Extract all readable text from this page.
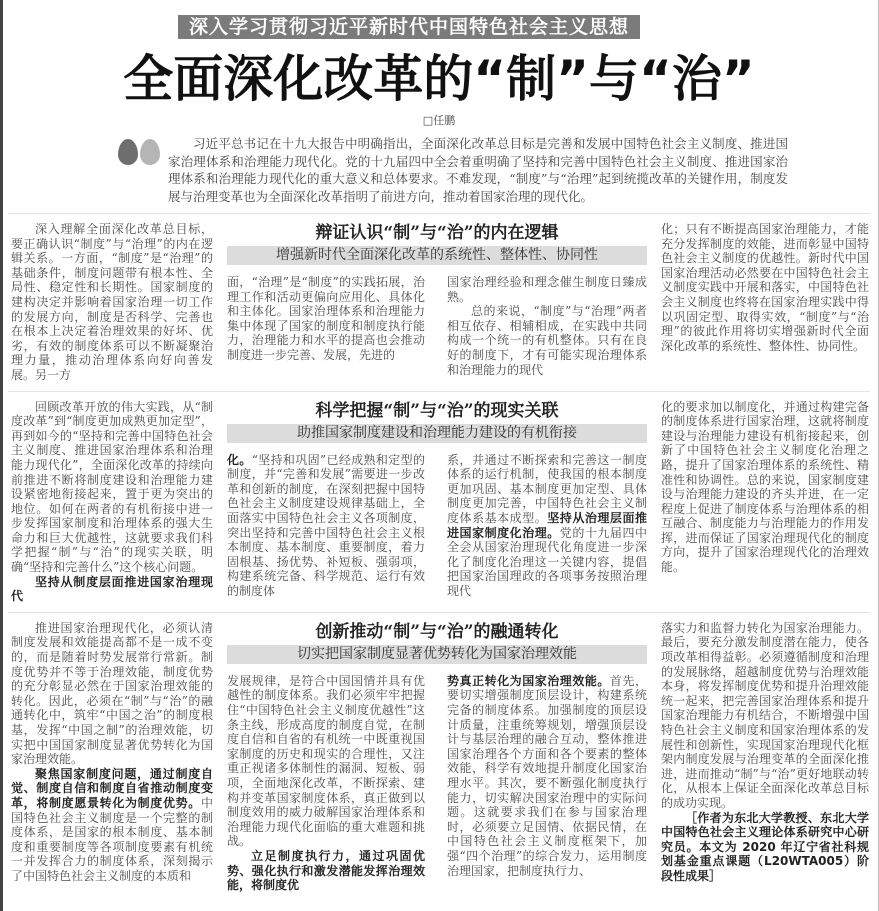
深入学习贯彻习近平新时代中国特色社会主义思想
全面深化改革的“制”与“治”
□任鹏
习近平总书记在十九大报告中明确指出，全面深化改革总目标是完善和发展中国特色社会主义制度、推进国家治理体系和治理能力现代化。党的十九届四中全会着重明确了坚持和完善中国特色社会主义制度、推进国家治理体系和治理能力现代化的重大意义和总体要求。不难发现，“制度”与“治理”起到统揽改革的关键作用，制度发展与治理变革也为全面深化改革指明了前进方向，推动着国家治理的现代化。

深入理解全面深化改革总目标，要正确认识“制度”与“治理”的内在逻辑关系。一方面，“制度”是“治理”的基础条件，制度问题带有根本性、全局性、稳定性和长期性。国家制度的建构决定并影响着国家治理一切工作的发展方向，制度是否科学、完善也在根本上决定着治理效果的好坏、优劣，有效的制度体系可以不断凝聚治理力量，推动治理体系向好向善发展。另一方

辩证认识“制”与“治”的内在逻辑
增强新时代全面深化改革的系统性、整体性、协同性

面，“治理”是“制度”的实践拓展，治理工作和活动更偏向应用化、具体化和主体化。国家治理体系和治理能力集中体现了国家的制度和制度执行能力，治理能力和水平的提高也会推动制度进一步完善、发展，先进的

国家治理经验和理念催生制度日臻成熟。

总的来说，“制度”与“治理”两者相互依存、相辅相成，在实践中共同构成一个统一的有机整体。只有在良好的制度下，才有可能实现治理体系和治理能力的现代

化；只有不断提高国家治理能力，才能充分发挥制度的效能，进而彰显中国特色社会主义制度的优越性。新时代中国国家治理活动必然要在中国特色社会主义制度实践中开展和落实，中国特色社会主义制度也终将在国家治理实践中得以巩固定型、取得实效，“制度”与“治理”的彼此作用将切实增强新时代全面深化改革的系统性、整体性、协同性。

回顾改革开放的伟大实践，从“制度改革”到“制度更加成熟更加定型”，再到如今的“坚持和完善中国特色社会主义制度、推进国家治理体系和治理能力现代化”，全面深化改革的持续向前推进不断将制度建设和治理能力建设紧密地衔接起来，置于更为突出的地位。如何在两者的有机衔接中进一步发挥国家制度和治理体系的强大生命力和巨大优越性，这就要求我们科学把握“制”与“治”的现实关联，明确“坚持和完善什么”这个核心问题。

坚持从制度层面推进国家治理现代

科学把握“制”与“治”的现实关联
助推国家制度建设和治理能力建设的有机衔接

化。“坚持和巩固”已经成熟和定型的制度，并“完善和发展”需要进一步改革和创新的制度，在深刻把握中国特色社会主义制度建设规律基础上，全面落实中国特色社会主义各项制度，突出坚持和完善中国特色社会主义根本制度、基本制度、重要制度，着力固根基、扬优势、补短板、强弱项，构建系统完备、科学规范、运行有效的制度体

系，并通过不断探索和完善这一制度体系的运行机制，使我国的根本制度更加巩固、基本制度更加定型、具体制度更加完善，中国特色社会主义制度体系基本成型。坚持从治理层面推进国家制度化治理。党的十九届四中全会从国家治理现代化角度进一步深化了制度化治理这一关键内容，提倡把国家治国理政的各项事务按照治理现代

化的要求加以制度化，并通过构建完备的制度体系进行国家治理，这就将制度建设与治理能力建设有机衔接起来，创新了中国特色社会主义制度化治理之路，提升了国家治理体系的系统性、精准性和协调性。总的来说，国家制度建设与治理能力建设的齐头并进，在一定程度上促进了制度体系与治理体系的相互融合、制度能力与治理能力的作用发挥，进而保证了国家治理现代化的制度方向，提升了国家治理现代化的治理效能。

推进国家治理现代化，必须认清制度发展和效能提高都不是一成不变的，而是随着时势发展常行常新。制度优势并不等于治理效能，制度优势的充分彰显必然在于国家治理效能的转化。因此，必须在“制”与“治”的融通转化中，筑牢“中国之治”的制度根基，发挥“中国之制”的治理效能，切实把中国国家制度显著优势转化为国家治理效能。

聚焦国家制度问题，通过制度自觉、制度自信和制度自省推动制度变革，将制度愿景转化为制度优势。中国特色社会主义制度是一个完整的制度体系，是国家的根本制度、基本制度和重要制度等各项制度要素有机统一并发挥合力的制度体系，深刻揭示了中国特色社会主义制度的本质和

创新推动“制”与“治”的融通转化
切实把国家制度显著优势转化为国家治理效能

发展规律，是符合中国国情并具有优越性的制度体系。我们必须牢牢把握住“中国特色社会主义制度优越性”这条主线，形成高度的制度自觉，在制度自信和自省的有机统一中既重视国家制度的历史和现实的合理性，又注重正视诸多体制性的漏洞、短板、弱项，全面地深化改革，不断探索、建构并变革国家制度体系，真正做到以制度效用的威力破解国家治理体系和治理能力现代化面临的重大难题和挑战。

立足制度执行力，通过巩固优势、强化执行和激发潜能发挥治理效能，将制度优

势真正转化为国家治理效能。首先，要切实增强制度顶层设计，构建系统完备的制度体系。加强制度的顶层设计质量，注重统筹规划，增强顶层设计与基层治理的融合互动，整体推进国家治理各个方面和各个要素的整体效能，科学有效地提升制度化国家治理水平。其次，要不断强化制度执行能力，切实解决国家治理中的实际问题。这就要求我们在参与国家治理时，必须要立足国情、依据民情，在中国特色社会主义制度框架下，加强“四个治理”的综合发力，运用制度治理国家，把制度执行力、

落实力和监督力转化为国家治理能力。最后，要充分激发制度潜在能力，使各项改革相得益彰。必须遵循制度和治理的发展脉络，超越制度优势与治理效能本身，将发挥制度优势和提升治理效能统一起来，把完善国家治理体系和提升国家治理能力有机结合，不断增强中国特色社会主义制度和国家治理体系的发展性和创新性，实现国家治理现代化框架内制度发展与治理变革的全面深化推进，进而推动“制”与“治”更好地联动转化，从根本上保证全面深化改革总目标的成功实现。

［作者为东北大学教授、东北大学中国特色社会主义理论体系研究中心研究员。本文为 2020 年辽宁省社科规划基金重点课题（L20WTA005）阶段性成果］
